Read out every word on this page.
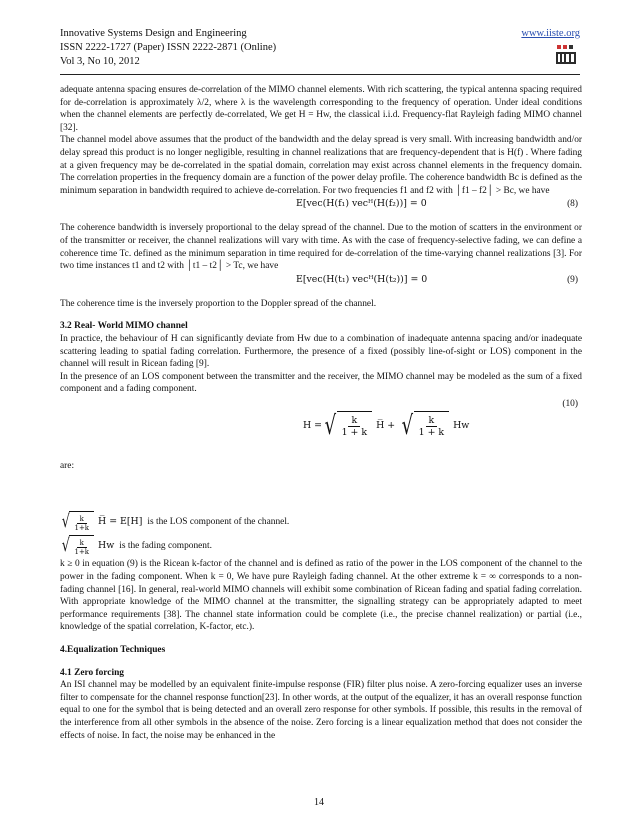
Innovative Systems Design and Engineering
ISSN 2222-1727 (Paper) ISSN 2222-2871 (Online)
Vol 3, No 10, 2012
www.iiste.org

adequate antenna spacing ensures de-correlation of the MIMO channel elements. With rich scattering, the typical antenna spacing required for de-correlation is approximately λ/2, where λ is the wavelength corresponding to the frequency of operation. Under ideal conditions when the channel elements are perfectly de-correlated, We get H = Hw, the classical i.i.d. Frequency-flat Rayleigh fading MIMO channel [32].

The channel model above assumes that the product of the bandwidth and the delay spread is very small. With increasing bandwidth and/or delay spread this product is no longer negligible, resulting in channel realizations that are frequency-dependent that is H(f) . Where fading at a given frequency may be de-correlated in the spatial domain, correlation may exist across channel elements in the frequency domain. The correlation properties in the frequency domain are a function of the power delay profile. The coherence bandwidth Bc is defined as the minimum separation in bandwidth required to achieve de-correlation. For two frequencies f1 and f2 with │f1 – f2│ > Bc, we have

E[vec(H(f₁) vecᴴ(H(f₂))] = 0	(8)

The coherence bandwidth is inversely proportional to the delay spread of the channel. Due to the motion of scatters in the environment or of the transmitter or receiver, the channel realizations will vary with time. As with the case of frequency-selective fading, we can define a coherence time Tc. defined as the minimum separation in time required for de-correlation of the time-varying channel realizations [3]. For two time instances t1 and t2 with │t1 – t2│ > Tc, we have

E[vec(H(t₁) vecᴴ(H(t₂))] = 0	(9)

The coherence time is the inversely proportion to the Doppler spread of the channel.

3.2 Real- World MIMO channel

In practice, the behaviour of H can significantly deviate from Hw due to a combination of inadequate antenna spacing and/or inadequate scattering leading to spatial fading correlation. Furthermore, the presence of a fixed (possibly line-of-sight or LOS) component in the channel will result in Ricean fading [9].

In the presence of an LOS component between the transmitter and the receiver, the MIMO channel may be modeled as the sum of a fixed component and a fading component.

(10)
H = √ $\frac{k}{1 + k}$ H̅ + √ $\frac{k}{1 + k}$ Hw

are:

√ $\frac{k}{1+k}$ H̅ = E[H] is the LOS component of the channel.
√ $\frac{k}{1+k}$ Hw is the fading component.

k ≥ 0 in equation (9) is the Ricean k-factor of the channel and is defined as ratio of the power in the LOS component of the channel to the power in the fading component. When k = 0, We have pure Rayleigh fading channel. At the other extreme k = ∞ corresponds to a non-fading channel [16]. In general, real-world MIMO channels will exhibit some combination of Ricean fading and spatial fading correlation. With appropriate knowledge of the MIMO channel at the transmitter, the signalling strategy can be appropriately adapted to meet performance requirements [38]. The channel state information could be complete (i.e., the precise channel realization) or partial (i.e., knowledge of the spatial correlation, K-factor, etc.).

4.Equalization Techniques
4.1 Zero forcing

An ISI channel may be modelled by an equivalent finite-impulse response (FIR) filter plus noise. A zero-forcing equalizer uses an inverse filter to compensate for the channel response function[23]. In other words, at the output of the equalizer, it has an overall response function equal to one for the symbol that is being detected and an overall zero response for other symbols. If possible, this results in the removal of the interference from all other symbols in the absence of the noise. Zero forcing is a linear equalization method that does not consider the effects of noise. In fact, the noise may be enhanced in the

14
